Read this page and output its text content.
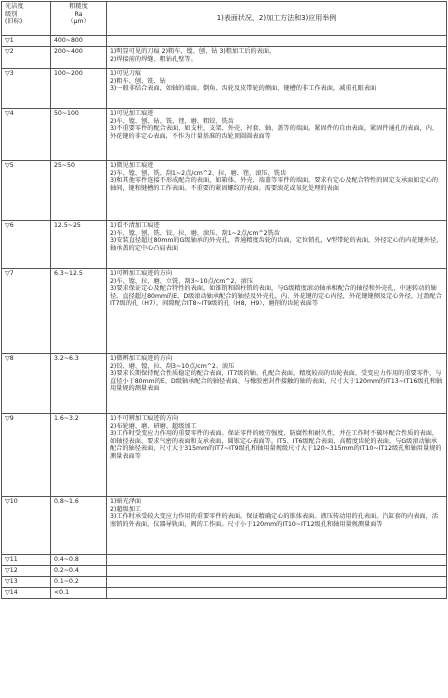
光洁度
级别
(旧标)	粗糙度
Ra
（μm）	1)表面状况、2)加工方法和3)应用举例
▽1	400~800	
▽2	200~400	1)明显可见的刀痕 2)粗车、镗、刨、钻 3)粗加工后的表面，
2)焊接前的焊缝、粗钻孔壁等。

▽3	100~200	1)可见刀痕
2)粗车、刨、铣、钻
3)一般非结合表面，如轴的端面、倒角、齿轮及皮带轮的侧面、键槽的非工作表面，减重孔眼表面

▽4	50~100	1)可见加工痕迹
2)车、镗、刨、钻、铣、锉、磨、粗铰、铣齿
3)不重要零件的配合表面，如支柱、支架、外壳、衬套、轴、盖等的端面。紧固件的自由表面，紧固件通孔的表面，内、外花键的非定心表面，不作为计量基准的齿轮顶圆圆表面等

▽5	25~50	1)微见加工痕迹
2)车、镗、刨、铣、刮1~2点/cm^2、拉、磨、锉、滚压、铣齿
3)和其他零件连接不形成配合的表面，如箱体、外壳、端盖等零件的端面。要求有定心及配合特性的固定支承面如定心的轴间，键和键槽的工作表面。不重要的紧固螺纹的表面。需要滚花或氧化处理的表面

▽6	12.5~25	1)看不清加工痕迹
2)车、镗、刨、铣、铰、拉、磨、滚压、刮1~2点/cm^2铣齿
3)安装直径超过80mm的G级轴承的外壳孔，普通精度齿轮的齿面，定位销孔，V型带轮的表面，外径定心的内花键外径，轴承盖的定中心凸肩表面

▽7	6.3~12.5	1)可辨加工痕迹的方向
2)车、镗、拉、磨、立铣、刮3~10点/cm^2、滚压
3)要求保证定心及配合特性的表面，如锥销和圆柱销的表面，与G级精度滚动轴承相配合的轴径和外壳孔，中速转动的轴径，直径超过80mm的E、D级滚动轴承配合的轴径及外壳孔，内、外花键的定心内径，外花键键侧及定心外径，过盈配合IT7级的孔（H7），间隙配合IT8~IT9级的孔（H8，H9），磨削的齿轮表面等

▽8	3.2~6.3	1)微辨加工痕迹的方向
2)铰、磨、镗、拉、刮3~10点/cm^2、滚压
3)要求长期保持配合性质稳定的配合表面，IT7级的轴、孔配合表面，精度较高的齿轮表面，受变应力作用的重要零件，与直径小于80mm的E、D级轴承配合的轴径表面、与橡胶密封件接触的轴的表面，尺寸大于120mm的IT13~IT16级孔和轴用量规的测量表面

▽9	1.6~3.2	1)不可辨加工痕迹的方向
2)布轮磨、磨、研磨、超级加工
3)工作时受变应力作用的重要零件的表面。保证零件的疲劳强度、防腐性和耐久性，并在工作时不破坏配合性质的表面，如轴径表面、要求气密的表面和支承表面，圆锥定心表面等。IT5、IT6级配合表面、高精度齿轮的表面，与G级滚动轴承配合的轴径表面，尺寸大于315mm的IT7~IT9级孔和轴用量规级尺寸大于120~315mm的IT10~IT12级孔和轴用量规的测量表面等

▽10	0.8~1.6	1)暗光泽面
2)超级加工
3)工作时承受较大变应力作用的重要零件的表面。保证精确定心的锥体表面。液压传动用的孔表面。汽缸套的内表面，活塞销的外表面，仪器导轨面，阀的工作面。尺寸小于120mm的IT10~IT12级孔和轴用量规测量面等

▽11	0.4~0.8	
▽12	0.2~0.4	
▽13	0.1~0.2	
▽14	<0.1	
